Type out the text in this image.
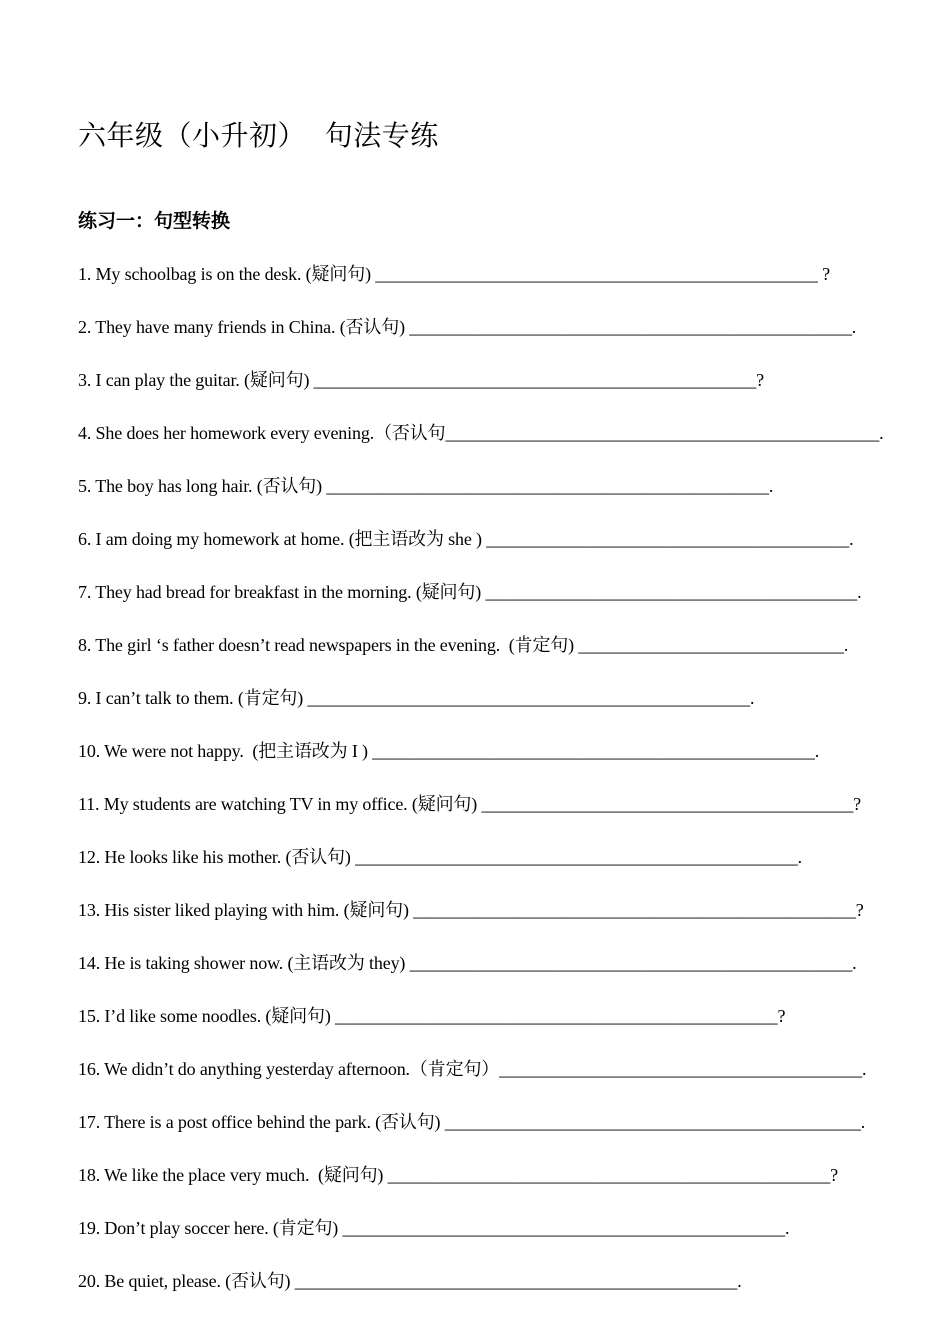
六年级（小升初）  句法专练
练习一：句型转换
1. My schoolbag is on the desk. (疑问句) __________________________________________________ ?
2. They have many friends in China. (否认句) __________________________________________________.
3. I can play the guitar. (疑问句) __________________________________________________?
4. She does her homework every evening.（否认句_________________________________________________.
5. The boy has long hair. (否认句) __________________________________________________.
6. I am doing my homework at home. (把主语改为 she ) _________________________________________.
7. They had bread for breakfast in the morning. (疑问句) __________________________________________.
8. The girl ‘s father doesn’t read newspapers in the evening.  (肯定句) ______________________________.
9. I can’t talk to them. (肯定句) __________________________________________________.
10. We were not happy.  (把主语改为 I ) __________________________________________________.
11. My students are watching TV in my office. (疑问句) __________________________________________?
12. He looks like his mother. (否认句) __________________________________________________.
13. His sister liked playing with him. (疑问句) __________________________________________________?
14. He is taking shower now. (主语改为 they) __________________________________________________.
15. I’d like some noodles. (疑问句) __________________________________________________?
16. We didn’t do anything yesterday afternoon.（肯定句）_________________________________________.
17. There is a post office behind the park. (否认句) _______________________________________________.
18. We like the place very much.  (疑问句) __________________________________________________?
19. Don’t play soccer here. (肯定句) __________________________________________________.
20. Be quiet, please. (否认句) __________________________________________________.
